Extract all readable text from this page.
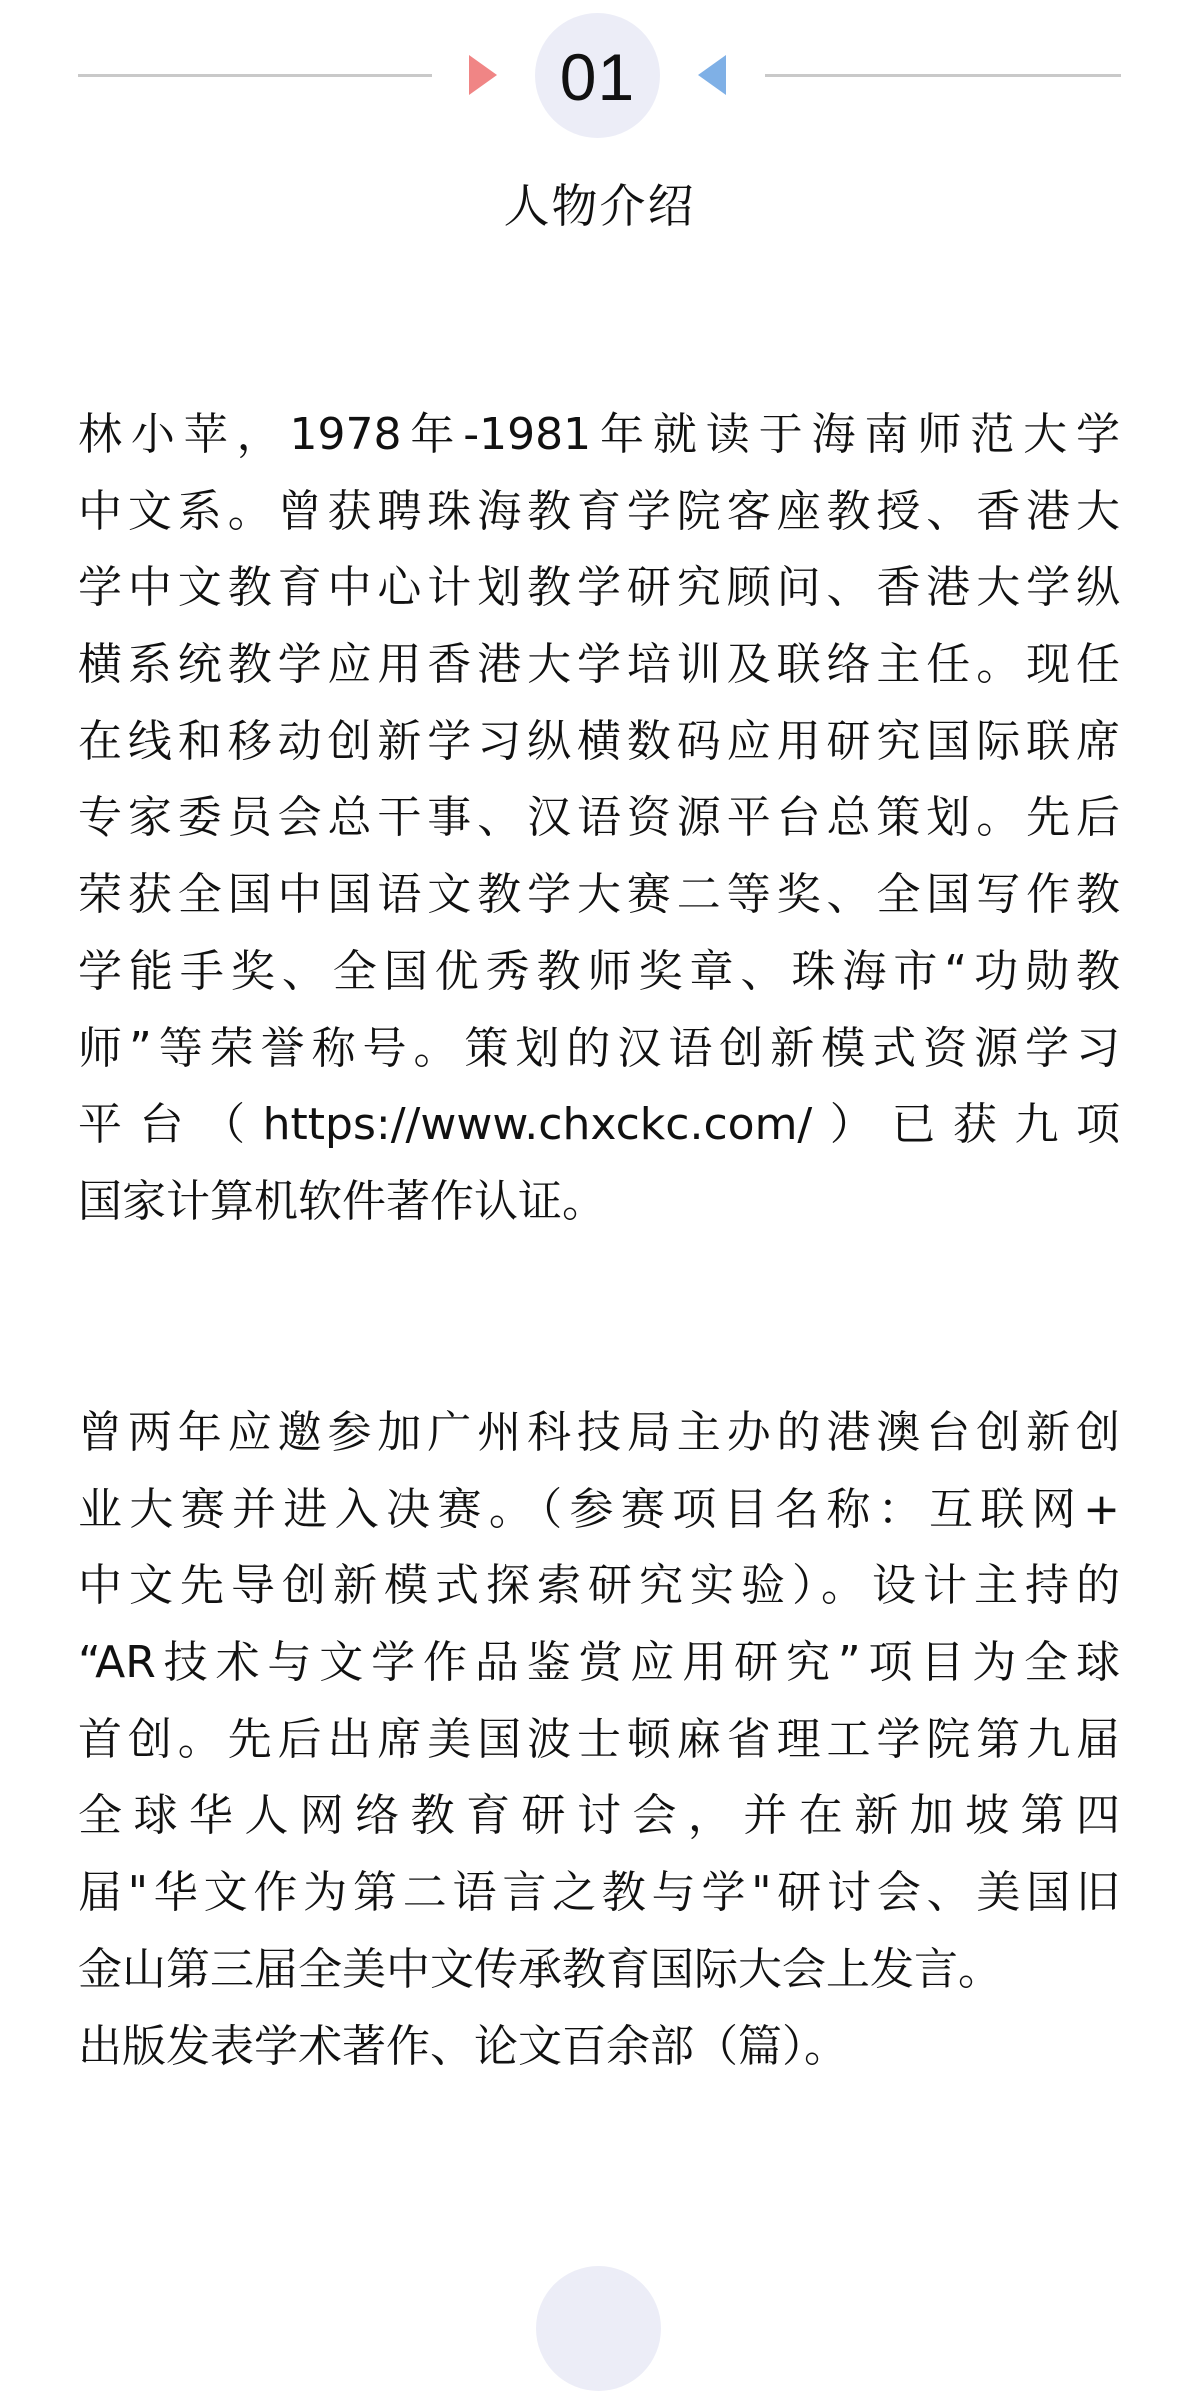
01
人物介绍
林小苹，1978年-1981年就读于海南师范大学
中文系。曾获聘珠海教育学院客座教授、香港大
学中文教育中心计划教学研究顾问、香港大学纵
横系统教学应用香港大学培训及联络主任。现任
在线和移动创新学习纵横数码应用研究国际联席
专家委员会总干事、汉语资源平台总策划。先后
荣获全国中国语文教学大赛二等奖、全国写作教
学能手奖、全国优秀教师奖章、珠海市“功勋教
师”等荣誉称号。策划的汉语创新模式资源学习
平台（https://www.chxckc.com/）已获九项
国家计算机软件著作认证。
曾两年应邀参加广州科技局主办的港澳台创新创
业大赛并进入决赛。（参赛项目名称：互联网+
中文先导创新模式探索研究实验）。设计主持的
“AR技术与文学作品鉴赏应用研究”项目为全球
首创。先后出席美国波士顿麻省理工学院第九届
全球华人网络教育研讨会，并在新加坡第四
届"华文作为第二语言之教与学"研讨会、美国旧
金山第三届全美中文传承教育国际大会上发言。
出版发表学术著作、论文百余部（篇）。
